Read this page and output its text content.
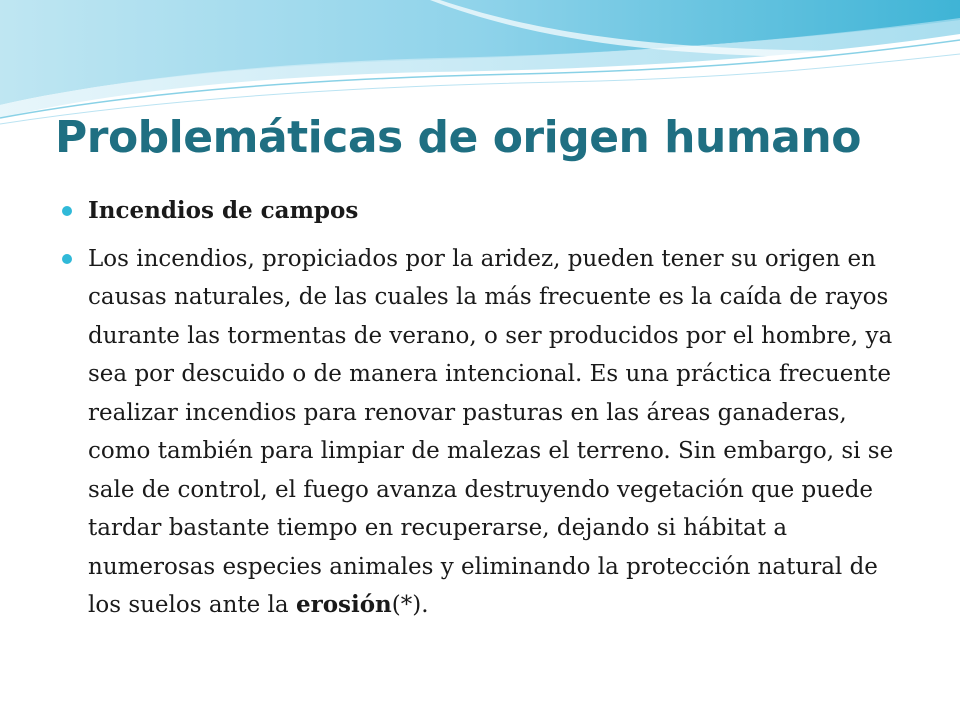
Problemáticas de origen humano
Incendios de campos
Los incendios, propiciados por la aridez, pueden tener su origen en causas naturales, de las cuales la más frecuente es la caída de rayos durante las tormentas de verano, o ser producidos por el hombre, ya sea por descuido o de manera intencional. Es una práctica frecuente realizar incendios para renovar pasturas en las áreas ganaderas, como también para limpiar de malezas el terreno. Sin embargo, si se sale de control, el fuego avanza destruyendo vegetación que puede tardar bastante tiempo en recuperarse, dejando si hábitat a numerosas especies animales y eliminando la protección natural de los suelos ante la erosión(*).
